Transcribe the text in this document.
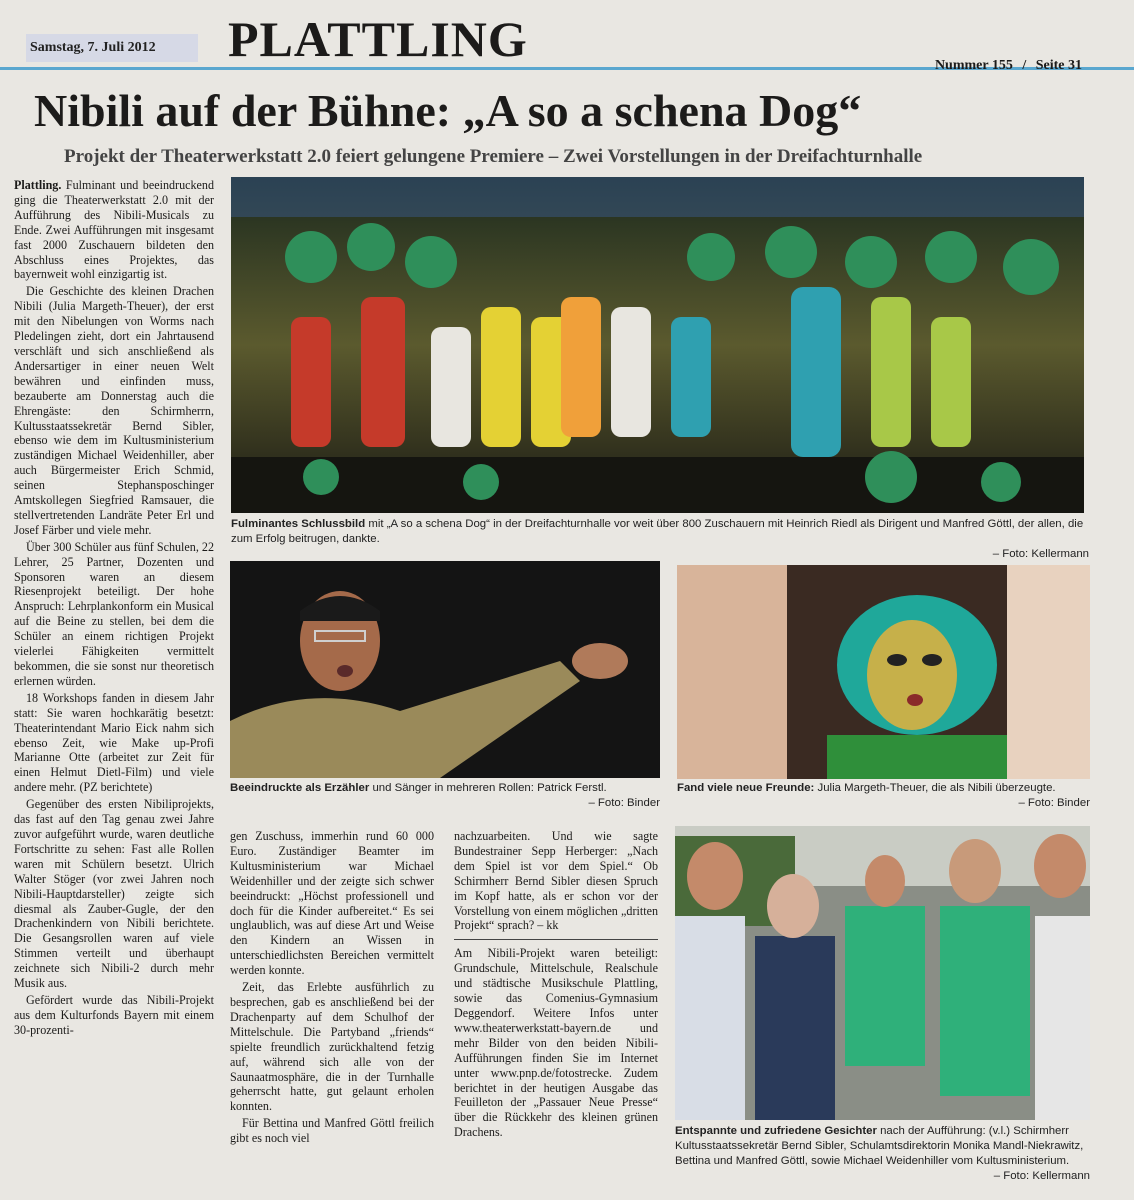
Samstag, 7. Juli 2012	PLATTLING	Nummer 155 / Seite 31
Nibili auf der Bühne: „A so a schena Dog“
Projekt der Theaterwerkstatt 2.0 feiert gelungene Premiere – Zwei Vorstellungen in der Dreifachturnhalle

Plattling. Fulminant und beeindruckend ging die Theaterwerkstatt 2.0 mit der Aufführung des Nibili-Musicals zu Ende. Zwei Aufführungen mit insgesamt fast 2000 Zuschauern bildeten den Abschluss eines Projektes, das bayernweit wohl einzigartig ist.

Die Geschichte des kleinen Drachen Nibili (Julia Margeth-Theuer), der erst mit den Nibelungen von Worms nach Pledelingen zieht, dort ein Jahrtausend verschläft und sich anschließend als Andersartiger in einer neuen Welt bewähren und einfinden muss, bezauberte am Donnerstag auch die Ehrengäste: den Schirmherrn, Kultusstaatssekretär Bernd Sibler, ebenso wie dem im Kultusministerium zuständigen Michael Weidenhiller, aber auch Bürgermeister Erich Schmid, seinen Stephansposchinger Amtskollegen Siegfried Ramsauer, die stellvertretenden Landräte Peter Erl und Josef Färber und viele mehr.

Über 300 Schüler aus fünf Schulen, 22 Lehrer, 25 Partner, Dozenten und Sponsoren waren an diesem Riesenprojekt beteiligt. Der hohe Anspruch: Lehrplankonform ein Musical auf die Beine zu stellen, bei dem die Schüler an einem richtigen Projekt vielerlei Fähigkeiten vermittelt bekommen, die sie sonst nur theoretisch erlernen würden.

18 Workshops fanden in diesem Jahr statt: Sie waren hochkarätig besetzt: Theaterintendant Mario Eick nahm sich ebenso Zeit, wie Make up-Profi Marianne Otte (arbeitet zur Zeit für einen Helmut Dietl-Film) und viele andere mehr. (PZ berichtete)

Gegenüber des ersten Nibiliprojekts, das fast auf den Tag genau zwei Jahre zuvor aufgeführt wurde, waren deutliche Fortschritte zu sehen: Fast alle Rollen waren mit Schülern besetzt. Ulrich Walter Stöger (vor zwei Jahren noch Nibili-Hauptdarsteller) zeigte sich diesmal als Zauber-Gugle, der den Drachenkindern von Nibili berichtete. Die Gesangsrollen waren auf viele Stimmen verteilt und überhaupt zeichnete sich Nibili-2 durch mehr Musik aus.

Gefördert wurde das Nibili-Projekt aus dem Kulturfonds Bayern mit einem 30-prozenti-

gen Zuschuss, immerhin rund 60 000 Euro. Zuständiger Beamter im Kultusministerium war Michael Weidenhiller und der zeigte sich schwer beeindruckt: „Höchst professionell und doch für die Kinder aufbereitet.“ Es sei unglaublich, was auf diese Art und Weise den Kindern an Wissen in unterschiedlichsten Bereichen vermittelt werden konnte.

Zeit, das Erlebte ausführlich zu besprechen, gab es anschließend bei der Drachenparty auf dem Schulhof der Mittelschule. Die Partyband „friends“ spielte freundlich zurückhaltend fetzig auf, während sich alle von der Saunaatmosphäre, die in der Turnhalle geherrscht hatte, gut gelaunt erholen konnten.

Für Bettina und Manfred Göttl freilich gibt es noch viel

nachzuarbeiten. Und wie sagte Bundestrainer Sepp Herberger: „Nach dem Spiel ist vor dem Spiel.“ Ob Schirmherr Bernd Sibler diesen Spruch im Kopf hatte, als er schon vor der Vorstellung von einem möglichen „dritten Projekt“ sprach? – kk

Am Nibili-Projekt waren beteiligt: Grundschule, Mittelschule, Realschule und städtische Musikschule Plattling, sowie das Comenius-Gymnasium Deggendorf. Weitere Infos unter www.theaterwerkstatt-bayern.de und mehr Bilder von den beiden Nibili-Aufführungen finden Sie im Internet unter www.pnp.de/fotostrecke. Zudem berichtet in der heutigen Ausgabe das Feuilleton der „Passauer Neue Presse“ über die Rückkehr des kleinen grünen Drachens.
Fulminantes Schlussbild mit „A so a schena Dog“ in der Dreifachturnhalle vor weit über 800 Zuschauern mit Heinrich Riedl als Dirigent und Manfred Göttl, der allen, die zum Erfolg beitrugen, dankte.
– Foto: Kellermann
Beeindruckte als Erzähler und Sänger in mehreren Rollen: Patrick Ferstl.
– Foto: Binder
Fand viele neue Freunde: Julia Margeth-Theuer, die als Nibili überzeugte.
– Foto: Binder
Entspannte und zufriedene Gesichter nach der Aufführung: (v.l.) Schirmherr Kultusstaatssekretär Bernd Sibler, Schulamtsdirektorin Monika Mandl-Niekrawitz, Bettina und Manfred Göttl, sowie Michael Weidenhiller vom Kultusministerium.
– Foto: Kellermann
